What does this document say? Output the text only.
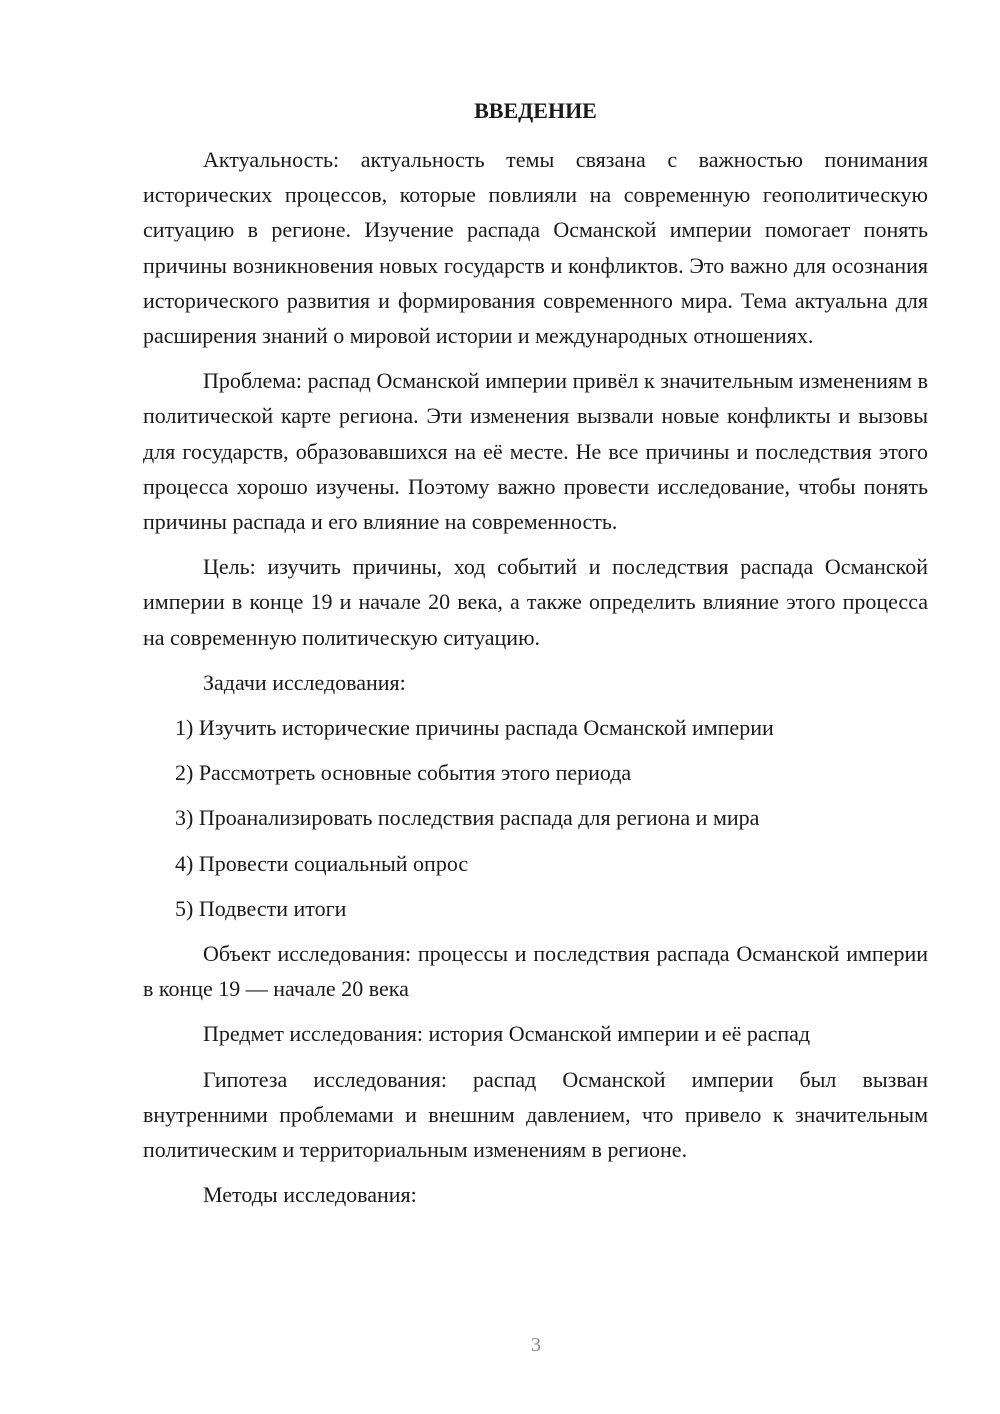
ВВЕДЕНИЕ

Актуальность: актуальность темы связана с важностью понимания исторических процессов, которые повлияли на современную геополитическую ситуацию в регионе. Изучение распада Османской империи помогает понять причины возникновения новых государств и конфликтов. Это важно для осознания исторического развития и формирования современного мира. Тема актуальна для расширения знаний о мировой истории и международных отношениях.

Проблема: распад Османской империи привёл к значительным изменениям в политической карте региона. Эти изменения вызвали новые конфликты и вызовы для государств, образовавшихся на её месте. Не все причины и последствия этого процесса хорошо изучены. Поэтому важно провести исследование, чтобы понять причины распада и его влияние на современность.

Цель: изучить причины, ход событий и последствия распада Османской империи в конце 19 и начале 20 века, а также определить влияние этого процесса на современную политическую ситуацию.

Задачи исследования:

1) Изучить исторические причины распада Османской империи

2) Рассмотреть основные события этого периода

3) Проанализировать последствия распада для региона и мира

4) Провести социальный опрос

5) Подвести итоги

Объект исследования: процессы и последствия распада Османской империи в конце 19 — начале 20 века

Предмет исследования: история Османской империи и её распад

Гипотеза исследования: распад Османской империи был вызван внутренними проблемами и внешним давлением, что привело к значительным политическим и территориальным изменениям в регионе.

Методы исследования:

3
